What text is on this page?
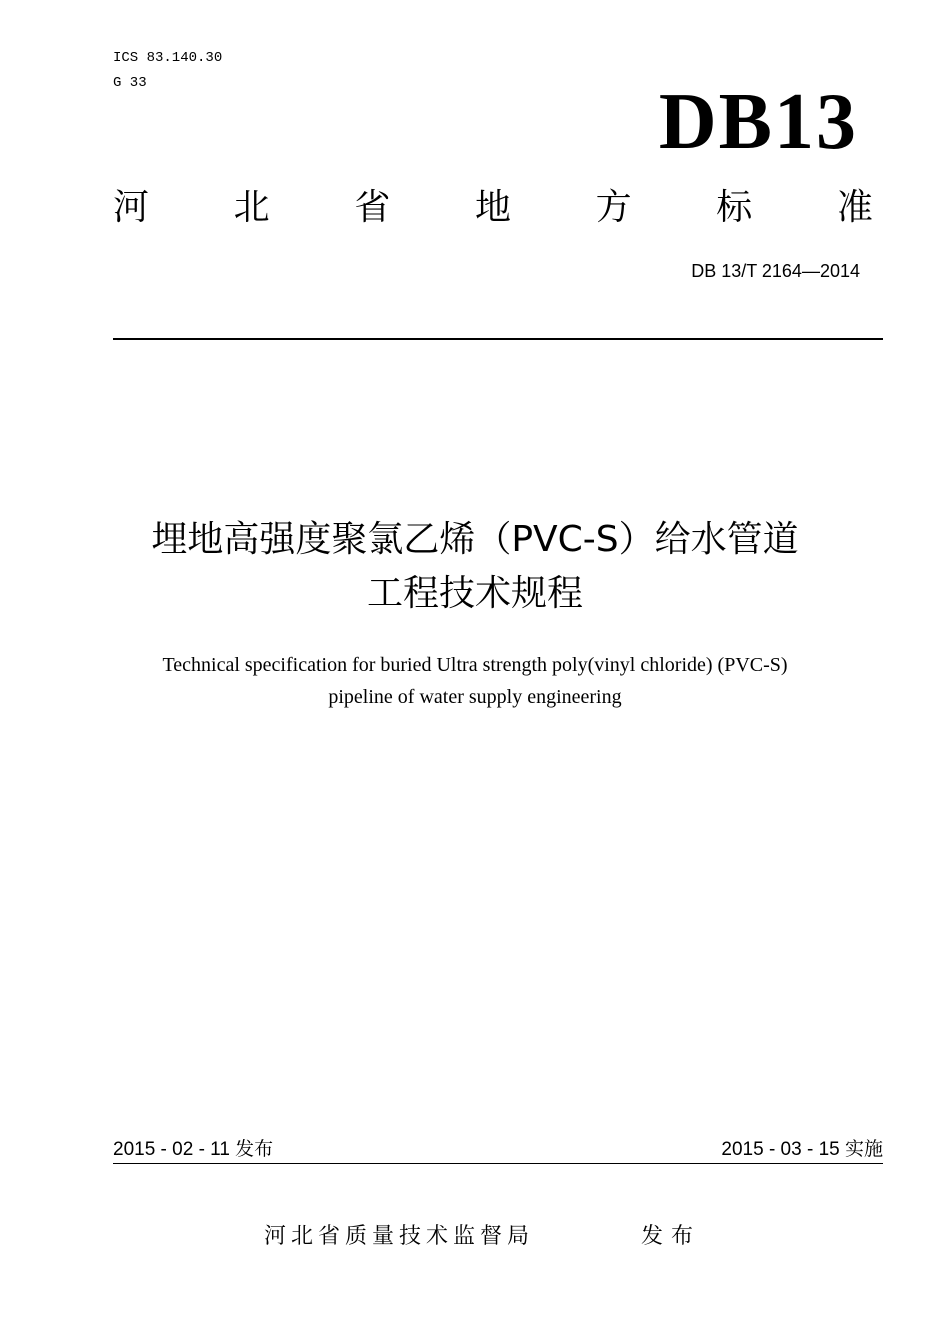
ICS 83.140.30
G 33	DB13
河 北 省 地 方 标 准
DB 13/T 2164—2014
埋地高强度聚氯乙烯（PVC-S）给水管道
工程技术规程
Technical specification for buried Ultra strength poly(vinyl chloride) (PVC-S)
pipeline of water supply engineering
2015 - 02 - 11 发布	2015 - 03 - 15 实施
河北省质量技术监督局	发布
